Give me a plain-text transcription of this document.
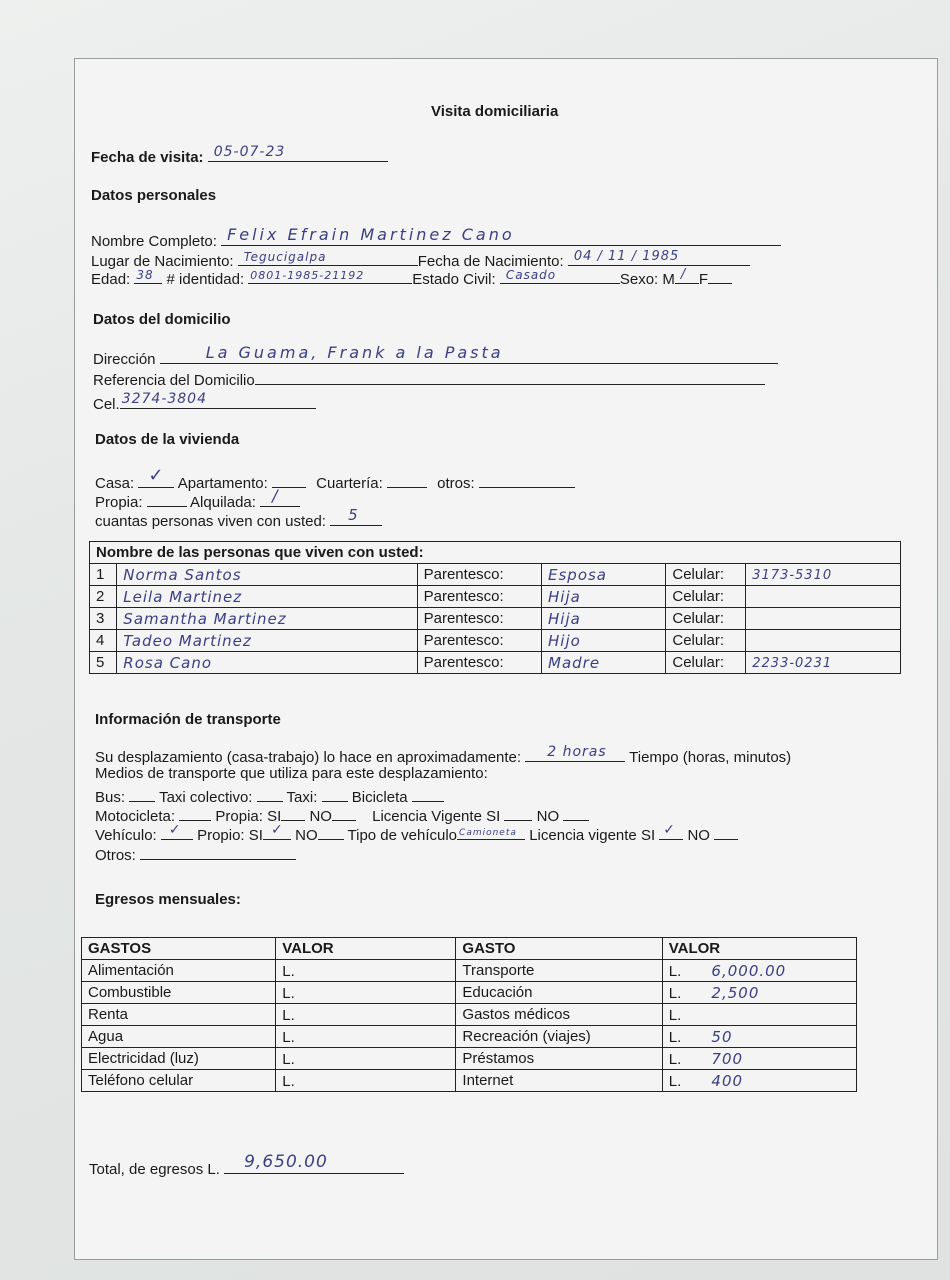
Visita domiciliaria
Fecha de visita: 05-07-23
Datos personales
Nombre Completo: Felix Efrain Martinez Cano
Lugar de Nacimiento: Tegucigalpa	Fecha de Nacimiento: 04 / 11 / 1985
Edad: 38 # identidad: 0801-1985-21192	Estado Civil: Casado	Sexo: M / F
Datos del domicilio
Dirección	La Guama, Frank a la Pasta
Referencia del Domicilio
Cel. 3274-3804
Datos de la vivienda
Casa: ✓ Apartamento:	Cuartería:	otros:
Propia:	Alquilada: /
cuantas personas viven con usted: 5
Nombre de las personas que viven con usted:					
1	Norma Santos	Parentesco:	Esposa	Celular:	3173-5310
2	Leila Martinez	Parentesco:	Hija	Celular:	
3	Samantha Martinez	Parentesco:	Hija	Celular:	
4	Tadeo Martinez	Parentesco:	Hijo	Celular:	
5	Rosa Cano	Parentesco:	Madre	Celular:	2233-0231
Información de transporte
Su desplazamiento (casa-trabajo) lo hace en aproximadamente: 2 horas Tiempo (horas, minutos)
Medios de transporte que utiliza para este desplazamiento:
Bus: Taxi colectivo: Taxi: Bicicleta
Motocicleta:	Propia: SI NO	Licencia Vigente SI NO
Vehículo: ✓ Propio: SI ✓ NO Tipo de vehículo Camioneta Licencia vigente SI ✓ NO
Otros:
Egresos mensuales:
GASTOS	VALOR	GASTO	VALOR
Alimentación	L.	Transporte	L. 6,000.00
Combustible	L.	Educación	L. 2,500
Renta	L.	Gastos médicos	L.
Agua	L.	Recreación (viajes)	L. 50
Electricidad (luz)	L.	Préstamos	L. 700
Teléfono celular	L.	Internet	L. 400
Total, de egresos L. 9,650.00
